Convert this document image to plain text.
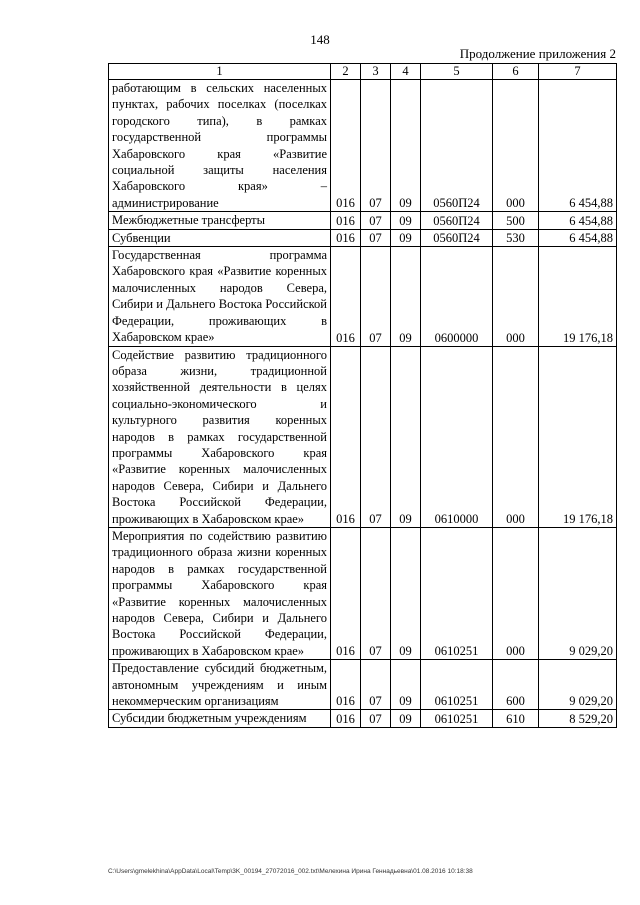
148
Продолжение приложения 2
1	2	3	4	5	6	7
работающим в сельских населенных пунктах, рабочих поселках (поселках городского типа), в рамках государственной программы Хабаровского края «Развитие социальной защиты населения Хабаровского края» – администрирование	016	07	09	0560П24	000	6 454,88
Межбюджетные трансферты	016	07	09	0560П24	500	6 454,88
Субвенции	016	07	09	0560П24	530	6 454,88
Государственная программа Хабаровского края «Развитие коренных малочисленных народов Севера, Сибири и Дальнего Востока Российской Федерации, проживающих в Хабаровском крае»	016	07	09	0600000	000	19 176,18
Содействие развитию традиционного образа жизни, традиционной хозяйственной деятельности в целях социально-экономического и культурного развития коренных народов в рамках государственной программы Хабаровского края «Развитие коренных малочисленных народов Севера, Сибири и Дальнего Востока Российской Федерации, проживающих в Хабаровском крае»	016	07	09	0610000	000	19 176,18
Мероприятия по содействию развитию традиционного образа жизни коренных народов в рамках государственной программы Хабаровского края «Развитие коренных малочисленных народов Севера, Сибири и Дальнего Востока Российской Федерации, проживающих в Хабаровском крае»	016	07	09	0610251	000	9 029,20
Предоставление субсидий бюджетным, автономным учреждениям и иным некоммерческим организациям	016	07	09	0610251	600	9 029,20
Субсидии бюджетным учреждениям	016	07	09	0610251	610	8 529,20
C:\Users\gmelekhina\AppData\Local\Temp\3K_00194_27072016_002.txt\Мелехина Ирина Геннадьевна\01.08.2016 10:18:38
